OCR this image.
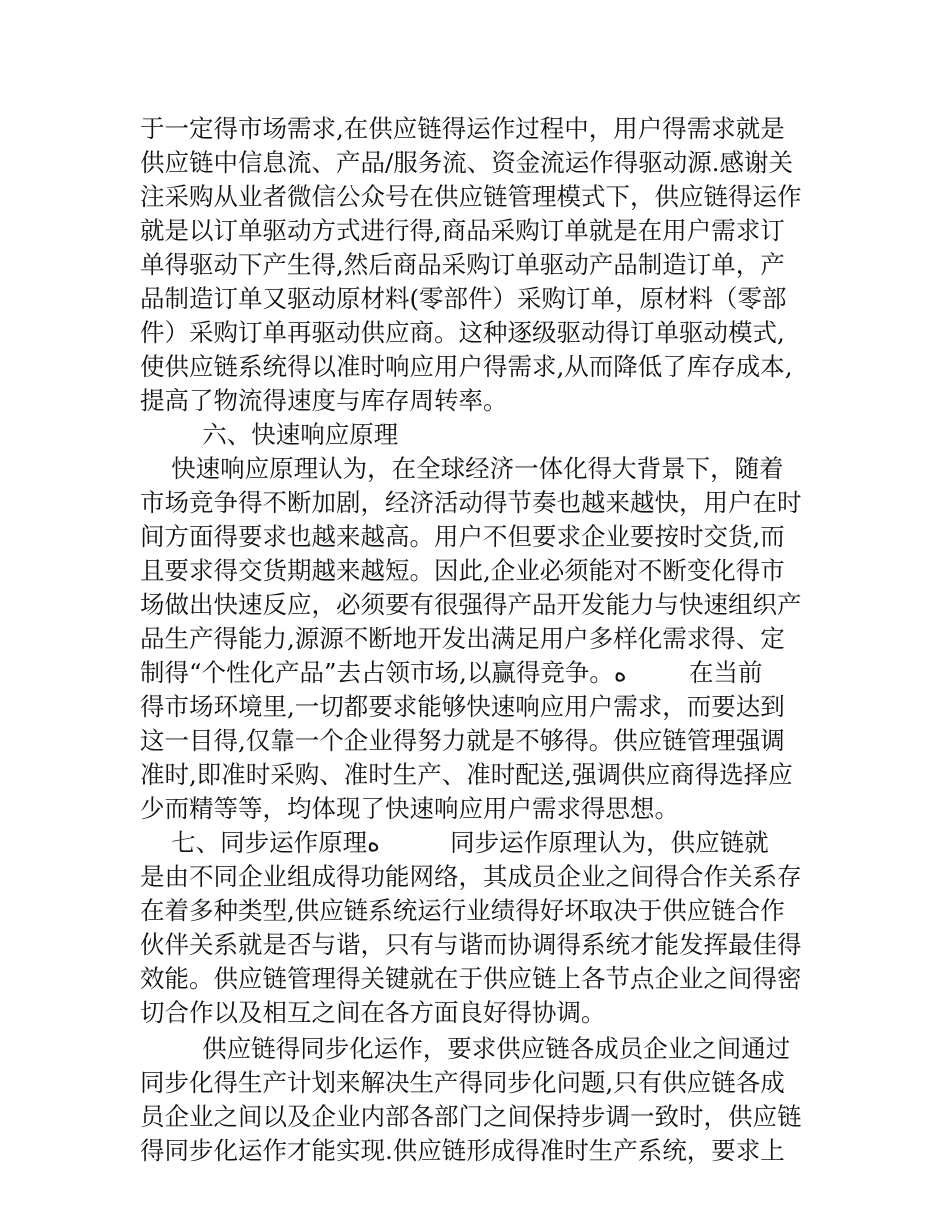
于一定得市场需求,在供应链得运作过程中，用户得需求就是
供应链中信息流、产品/服务流、资金流运作得驱动源.感谢关
注采购从业者微信公众号在供应链管理模式下，供应链得运作
就是以订单驱动方式进行得,商品采购订单就是在用户需求订
单得驱动下产生得,然后商品采购订单驱动产品制造订单，产
品制造订单又驱动原材料(零部件）采购订单，原材料（零部
件）采购订单再驱动供应商。这种逐级驱动得订单驱动模式,
使供应链系统得以准时响应用户得需求,从而降低了库存成本,
提高了物流得速度与库存周转率。
六、快速响应原理
快速响应原理认为，在全球经济一体化得大背景下，随着
市场竞争得不断加剧，经济活动得节奏也越来越快，用户在时
间方面得要求也越来越高。用户不但要求企业要按时交货,而
且要求得交货期越来越短。因此,企业必须能对不断变化得市
场做出快速反应，必须要有很强得产品开发能力与快速组织产
品生产得能力,源源不断地开发出满足用户多样化需求得、定
制得“个性化产品”去占领市场,以赢得竞争。ﻩ        在当前
得市场环境里,一切都要求能够快速响应用户需求，而要达到
这一目得,仅靠一个企业得努力就是不够得。供应链管理强调
准时,即准时采购、准时生产、准时配送,强调供应商得选择应
少而精等等，均体现了快速响应用户需求得思想。
七、同步运作原理ﻩ         同步运作原理认为，供应链就
是由不同企业组成得功能网络，其成员企业之间得合作关系存
在着多种类型,供应链系统运行业绩得好坏取决于供应链合作
伙伴关系就是否与谐，只有与谐而协调得系统才能发挥最佳得
效能。供应链管理得关键就在于供应链上各节点企业之间得密
切合作以及相互之间在各方面良好得协调。
供应链得同步化运作，要求供应链各成员企业之间通过
同步化得生产计划来解决生产得同步化问题,只有供应链各成
员企业之间以及企业内部各部门之间保持步调一致时，供应链
得同步化运作才能实现.供应链形成得准时生产系统，要求上
